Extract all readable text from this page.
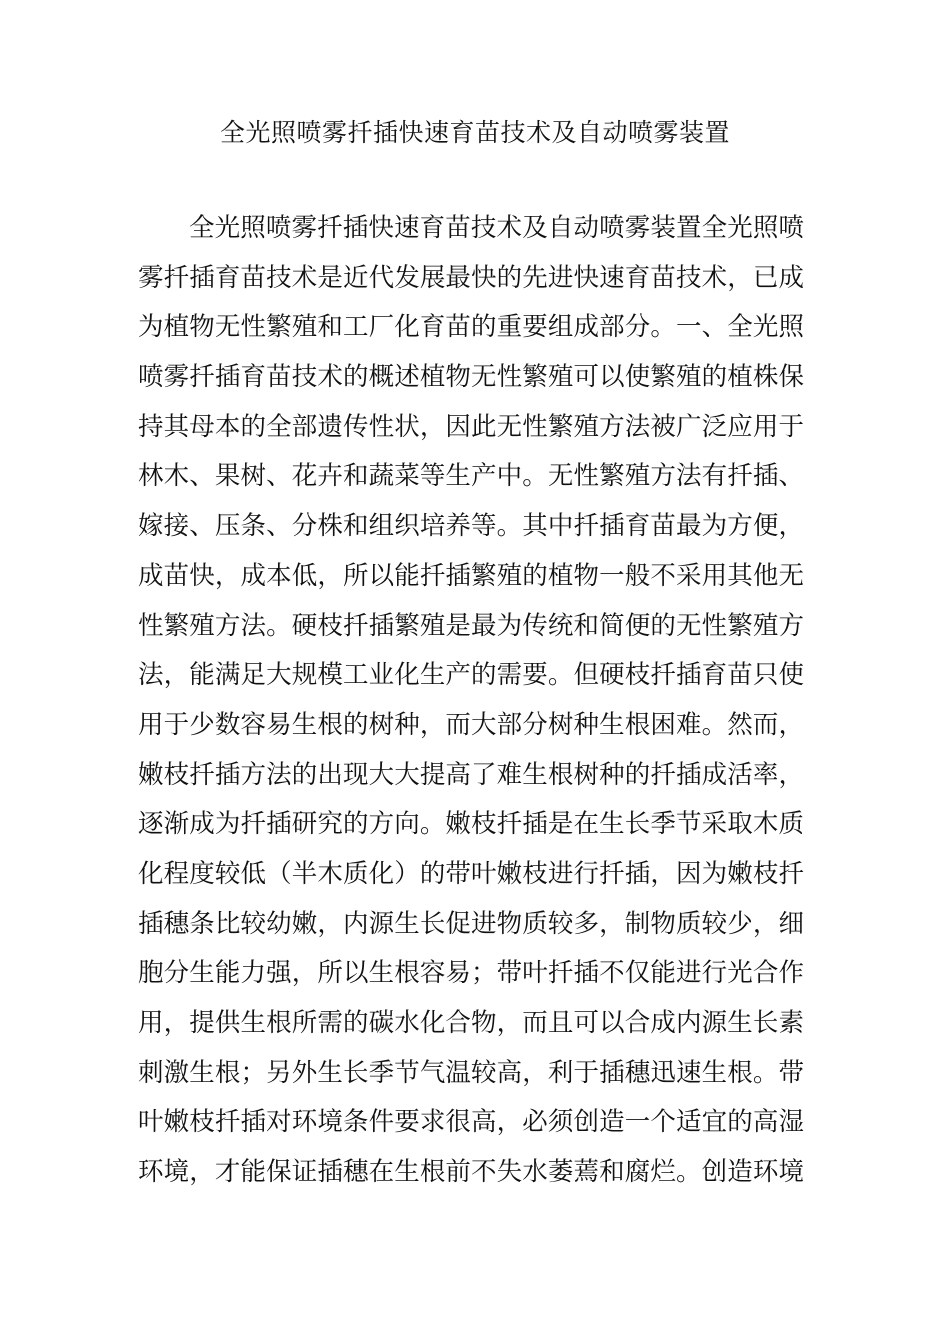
全光照喷雾扦插快速育苗技术及自动喷雾装置
全光照喷雾扦插快速育苗技术及自动喷雾装置全光照喷
雾扦插育苗技术是近代发展最快的先进快速育苗技术，已成
为植物无性繁殖和工厂化育苗的重要组成部分。一、全光照
喷雾扦插育苗技术的概述植物无性繁殖可以使繁殖的植株保
持其母本的全部遗传性状，因此无性繁殖方法被广泛应用于
林木、果树、花卉和蔬菜等生产中。无性繁殖方法有扦插、
嫁接、压条、分株和组织培养等。其中扦插育苗最为方便，
成苗快，成本低，所以能扦插繁殖的植物一般不采用其他无
性繁殖方法。硬枝扦插繁殖是最为传统和简便的无性繁殖方
法，能满足大规模工业化生产的需要。但硬枝扦插育苗只使
用于少数容易生根的树种，而大部分树种生根困难。然而，
嫩枝扦插方法的出现大大提高了难生根树种的扦插成活率，
逐渐成为扦插研究的方向。嫩枝扦插是在生长季节采取木质
化程度较低（半木质化）的带叶嫩枝进行扦插，因为嫩枝扦
插穗条比较幼嫩，内源生长促进物质较多，制物质较少，细
胞分生能力强，所以生根容易；带叶扦插不仅能进行光合作
用，提供生根所需的碳水化合物，而且可以合成内源生长素
刺激生根；另外生长季节气温较高，利于插穗迅速生根。带
叶嫩枝扦插对环境条件要求很高，必须创造一个适宜的高湿
环境，才能保证插穗在生根前不失水萎蔫和腐烂。创造环境
